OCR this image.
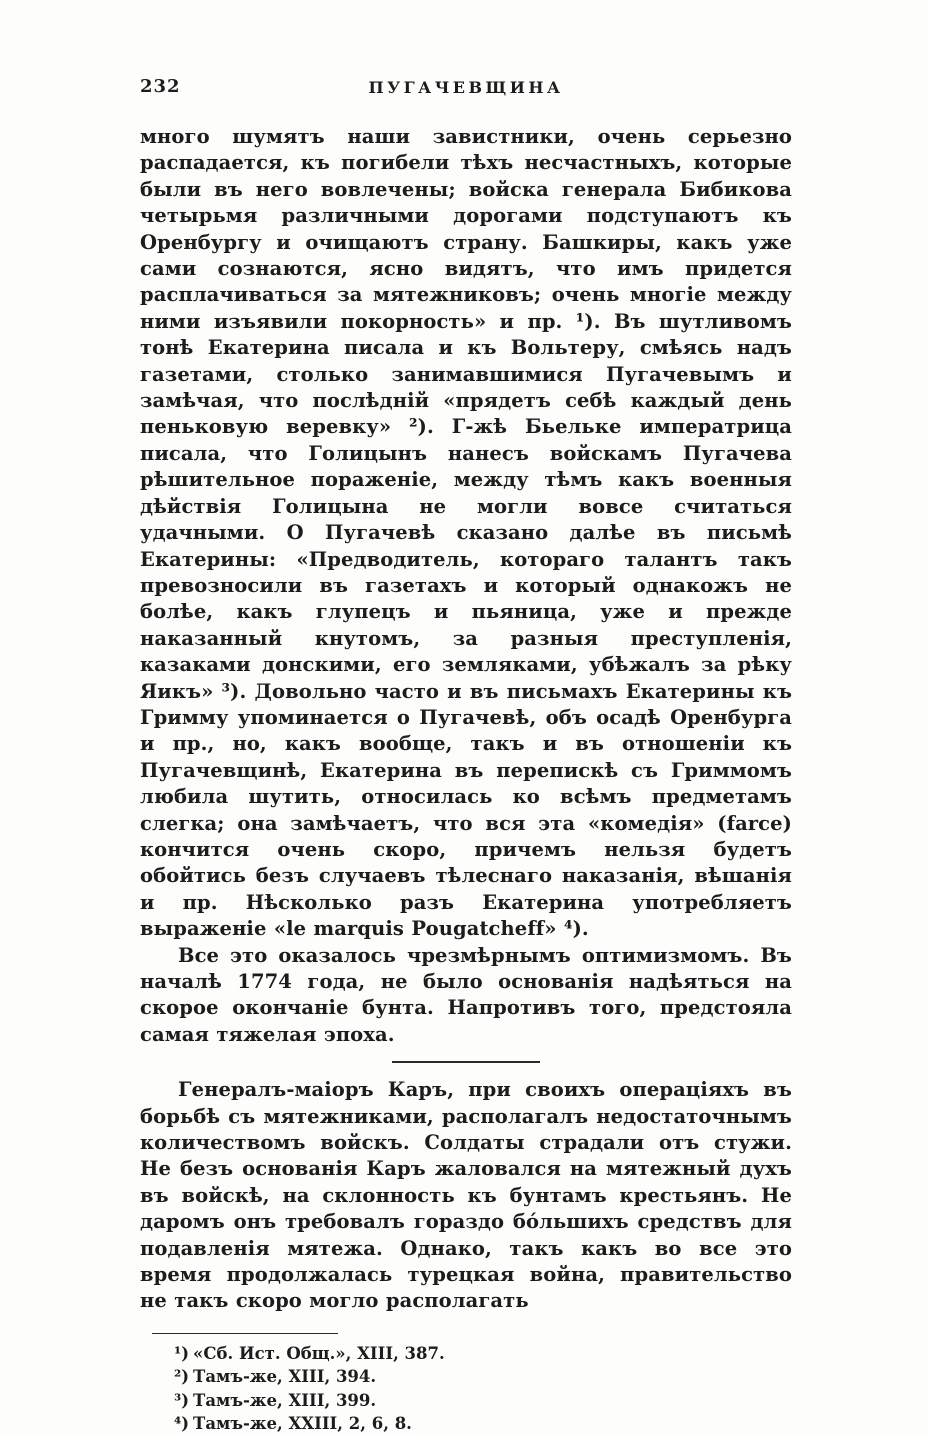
232	ПУГАЧЕВЩИНА

много шумятъ наши завистники, очень серьезно распадается, къ погибели тѣхъ несчастныхъ, которые были въ него вовлечены; войска генерала Бибикова четырьмя различными дорогами подступаютъ къ Оренбургу и очищаютъ страну. Башкиры, какъ уже сами сознаются, ясно видятъ, что имъ придется расплачиваться за мятежниковъ; очень многіе между ними изъявили покорность» и пр. ¹). Въ шутливомъ тонѣ Екатерина писала и къ Вольтеру, смѣясь надъ газетами, столько занимавшимися Пугачевымъ и замѣчая, что послѣдній «прядетъ себѣ каждый день пеньковую веревку» ²). Г-жѣ Бьельке императрица писала, что Голицынъ нанесъ войскамъ Пугачева рѣшительное пораженіе, между тѣмъ какъ военныя дѣйствія Голицына не могли вовсе считаться удачными. О Пугачевѣ сказано далѣе въ письмѣ Екатерины: «Предводитель, котораго талантъ такъ превозносили въ газетахъ и который однакожъ не болѣе, какъ глупецъ и пьяница, уже и прежде наказанный кнутомъ, за разныя преступленія, казаками донскими, его земляками, убѣжалъ за рѣку Яикъ» ³). Довольно часто и въ письмахъ Екатерины къ Гримму упоминается о Пугачевѣ, объ осадѣ Оренбурга и пр., но, какъ вообще, такъ и въ отношеніи къ Пугачевщинѣ, Екатерина въ перепискѣ съ Гриммомъ любила шутить, относилась ко всѣмъ предметамъ слегка; она замѣчаетъ, что вся эта «комедія» (farce) кончится очень скоро, причемъ нельзя будетъ обойтись безъ случаевъ тѣлеснаго наказанія, вѣшанія и пр. Нѣсколько разъ Екатерина употребляетъ выраженіе «le marquis Pougatcheff» ⁴).

Все это оказалось чрезмѣрнымъ оптимизмомъ. Въ началѣ 1774 года, не было основанія надѣяться на скорое окончаніе бунта. Напротивъ того, предстояла самая тяжелая эпоха.

Генералъ-маіоръ Каръ, при своихъ операціяхъ въ борьбѣ съ мятежниками, располагалъ недостаточнымъ количествомъ войскъ. Солдаты страдали отъ стужи. Не безъ основанія Каръ жаловался на мятежный духъ въ войскѣ, на склонность къ бунтамъ крестьянъ. Не даромъ онъ требовалъ гораздо бо́льшихъ средствъ для подавленія мятежа. Однако, такъ какъ во все это время продолжалась турецкая война, правительство не такъ скоро могло располагать

¹) «Сб. Ист. Общ.», XIII, 387.
²) Тамъ-же, XIII, 394.
³) Тамъ-же, XIII, 399.
⁴) Тамъ-же, XXIII, 2, 6, 8.
